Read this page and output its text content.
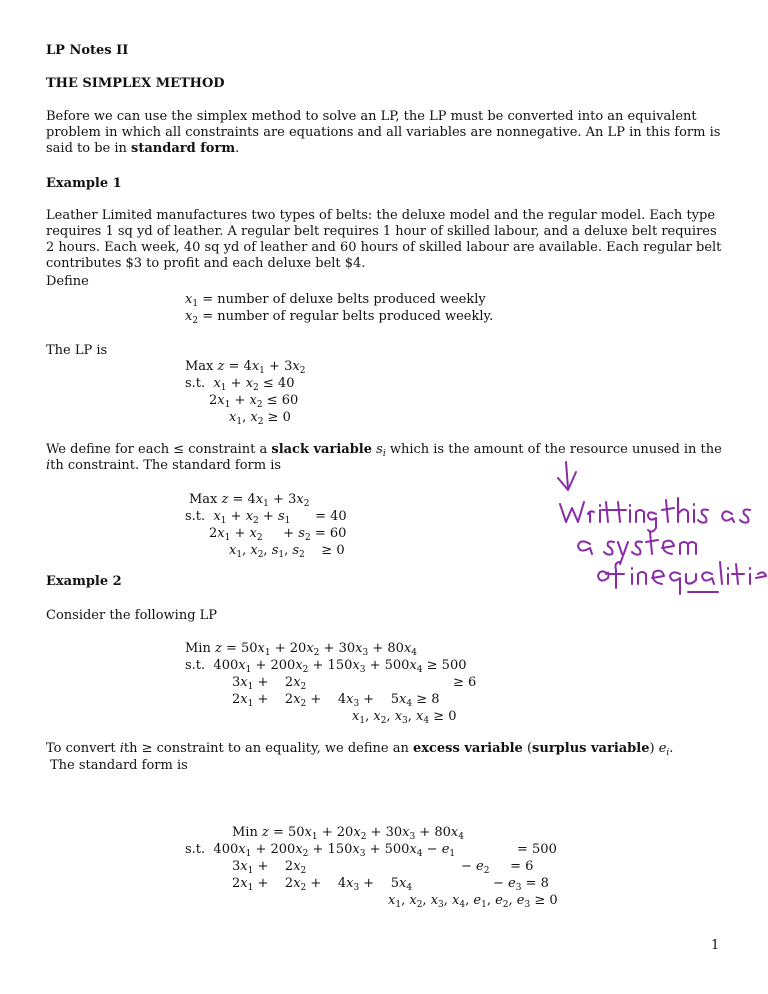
LP Notes II
THE SIMPLEX METHOD
Before we can use the simplex method to solve an LP, the LP must be converted into an equivalent problem in which all constraints are equations and all variables are nonnegative. An LP in this form is said to be in standard form.
Example 1
Leather Limited manufactures two types of belts: the deluxe model and the regular model. Each type requires 1 sq yd of leather. A regular belt requires 1 hour of skilled labour, and a deluxe belt requires 2 hours. Each week, 40 sq yd of leather and 60 hours of skilled labour are available. Each regular belt contributes $3 to profit and each deluxe belt $4.
Define
$x_1$ = number of deluxe belts produced weekly
$x_2$ = number of regular belts produced weekly.
The LP is
Max $z = 4x_1 + 3x_2$
s.t.  $x_1 + x_2 \le 40$
$2x_1 + x_2 \le 60$
$x_1$, $x_2 \ge 0$
We define for each ≤ constraint a slack variable $s_i$ which is the amount of the resource unused in the
ith constraint. The standard form is
Max $z = 4x_1 + 3x_2$
s.t.  $x_1 + x_2 + s_1$      = 40
$2x_1 + x_2$     + $s_2 = 60$
$x_1$, $x_2$, $s_1$, $s_2$    ≥ 0
Example 2
Consider the following LP
Min $z = 50x_1 + 20x_2 + 30x_3 + 80x_4$
s.t.  $400x_1 + 200x_2 + 150x_3 + 500x_4 \ge 500$
$3x_1$ +    $2x_2$	≥ 6
$2x_1$ +    $2x_2$ +    $4x_3$ +    $5x_4 \ge 8$
$x_1$, $x_2$, $x_3$, $x_4 \ge 0$
To convert ith ≥ constraint to an equality, we define an excess variable (surplus variable) $e_i$.
The standard form is
Min $z = 50x_1 + 20x_2 + 30x_3 + 80x_4$
s.t.  $400x_1 + 200x_2 + 150x_3 + 500x_4 - e_1$	= 500
$3x_1$ +    $2x_2$	− $e_2$     = 6
$2x_1$ +    $2x_2$ +    $4x_3$ +    $5x_4$	− $e_3 = 8$
$x_1$, $x_2$, $x_3$, $x_4$, $e_1$, $e_2$, $e_3 \ge 0$
1
